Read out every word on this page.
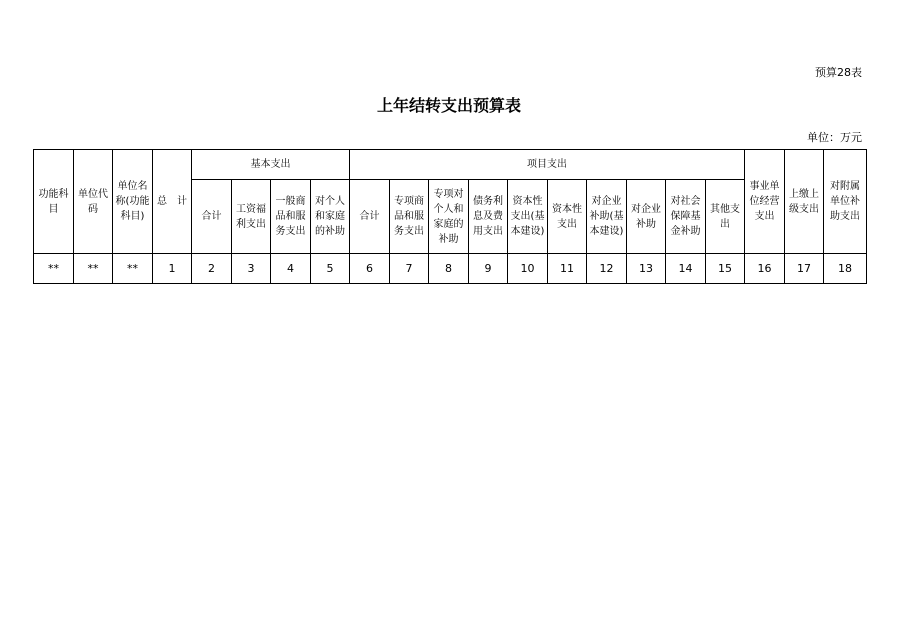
预算28表
上年结转支出预算表
单位：万元
功能科目	单位代码	单位名称(功能科目)	总　计	基本支出				项目支出										事业单位经营支出	上缴上级支出	对附属单位补助支出
				合计	工资福利支出	一般商品和服务支出	对个人和家庭的补助	合计	专项商品和服务支出	专项对个人和家庭的补助	债务利息及费用支出	资本性支出(基本建设)	资本性支出	对企业补助(基本建设)	对企业补助	对社会保障基金补助	其他支出			
**	**	**	1	2	3	4	5	6	7	8	9	10	11	12	13	14	15	16	17	18
